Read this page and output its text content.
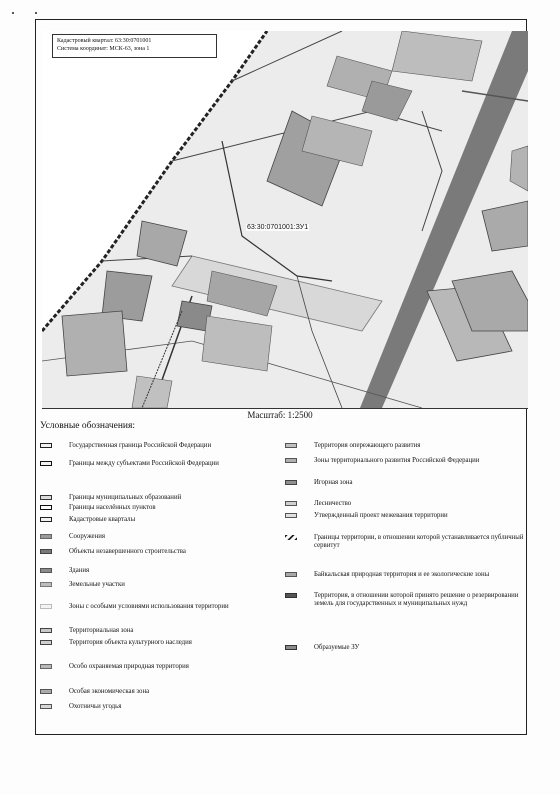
63:30:0701001:ЗУ1
Кадастровый квартал: 63:30:0701001
Система координат: МСК-63, зона 1
Масштаб: 1:2500
Условные обозначения:
Государственная граница Российской Федерации
Границы между субъектами Российской Федерации
Границы муниципальных образований
Границы населённых пунктов
Кадастровые кварталы
Сооружения
Объекты незавершенного строительства
Здания
Земельные участки
Зоны с особыми условиями использования территории
Территориальная зона
Территория объекта культурного наследия
Особо охраняемая природная территория
Особая экономическая зона
Охотничьи угодья
Территория опережающего развития
Зоны территориального развития Российской Федерации
Игорная зона
Лесничество
Утвержденный проект межевания территории
Границы территории, в отношении которой устанавливается публичный сервитут
Байкальская природная территория и ее экологические зоны
Территория, в отношении которой принято решение о резервировании земель для государственных и муниципальных нужд
Образуемые ЗУ
